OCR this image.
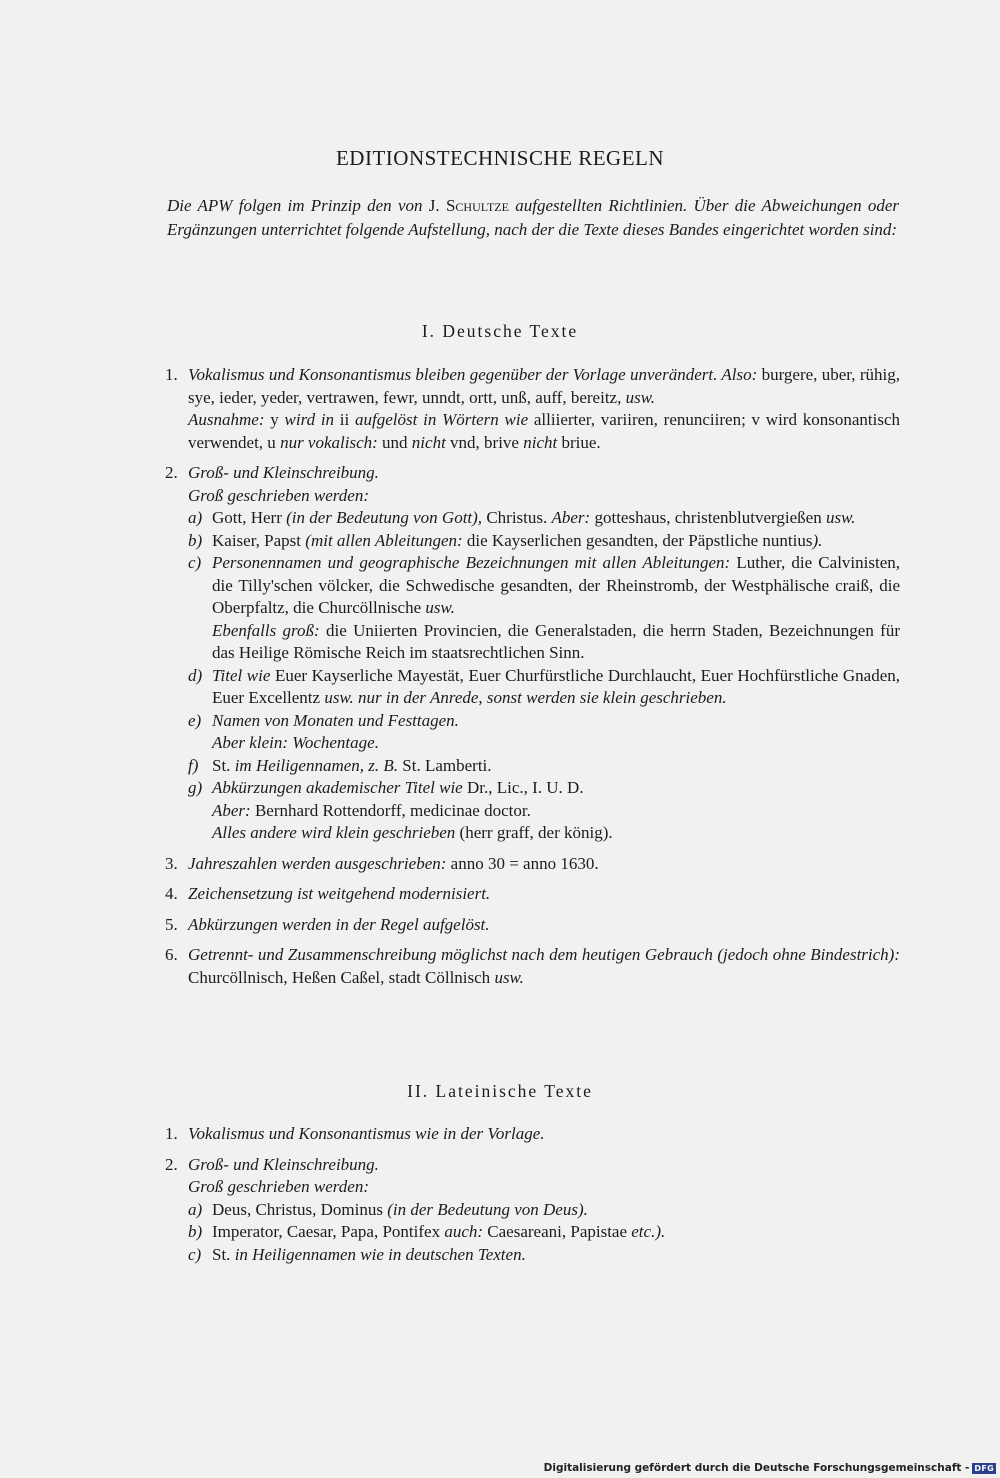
EDITIONSTECHNISCHE REGELN
Die APW folgen im Prinzip den von J. Schultze aufgestellten Richtlinien. Über die Abweichungen oder Ergänzungen unterrichtet folgende Aufstellung, nach der die Texte dieses Bandes eingerichtet worden sind:
I. Deutsche Texte
1. Vokalismus und Konsonantismus bleiben gegenüber der Vorlage unverändert. Also: burgere, uber, rühig, sye, ieder, yeder, vertrawen, fewr, unndt, ortt, unß, auff, bereitz, usw.
Ausnahme: y wird in ii aufgelöst in Wörtern wie alliierter, variiren, renunciiren; v wird konsonantisch verwendet, u nur vokalisch: und nicht vnd, brive nicht briue.
2. Groß- und Kleinschreibung.
Groß geschrieben werden:
a) Gott, Herr (in der Bedeutung von Gott), Christus. Aber: gotteshaus, christenblutvergießen usw.
b) Kaiser, Papst (mit allen Ableitungen: die Kayserlichen gesandten, der Päpstliche nuntius).
c) Personennamen und geographische Bezeichnungen mit allen Ableitungen: Luther, die Calvinisten, die Tilly'schen völcker, die Schwedische gesandten, der Rheinstromb, der Westphälische craiß, die Oberpfaltz, die Churcöllnische usw.
Ebenfalls groß: die Uniierten Provincien, die Generalstaden, die herrn Staden, Bezeichnungen für das Heilige Römische Reich im staatsrechtlichen Sinn.
d) Titel wie Euer Kayserliche Mayestät, Euer Churfürstliche Durchlaucht, Euer Hochfürstliche Gnaden, Euer Excellentz usw. nur in der Anrede, sonst werden sie klein geschrieben.
e) Namen von Monaten und Festtagen.
Aber klein: Wochentage.
f) St. im Heiligennamen, z. B. St. Lamberti.
g) Abkürzungen akademischer Titel wie Dr., Lic., I. U. D.
Aber: Bernhard Rottendorff, medicinae doctor.
Alles andere wird klein geschrieben (herr graff, der könig).
3. Jahreszahlen werden ausgeschrieben: anno 30 = anno 1630.
4. Zeichensetzung ist weitgehend modernisiert.
5. Abkürzungen werden in der Regel aufgelöst.
6. Getrennt- und Zusammenschreibung möglichst nach dem heutigen Gebrauch (jedoch ohne Bindestrich): Churcöllnisch, Heßen Caßel, stadt Cöllnisch usw.
II. Lateinische Texte
1. Vokalismus und Konsonantismus wie in der Vorlage.
2. Groß- und Kleinschreibung.
Groß geschrieben werden:
a) Deus, Christus, Dominus (in der Bedeutung von Deus).
b) Imperator, Caesar, Papa, Pontifex auch: Caesareani, Papistae etc.).
c) St. in Heiligennamen wie in deutschen Texten.
Digitalisierung gefördert durch die Deutsche Forschungsgemeinschaft - DFG
